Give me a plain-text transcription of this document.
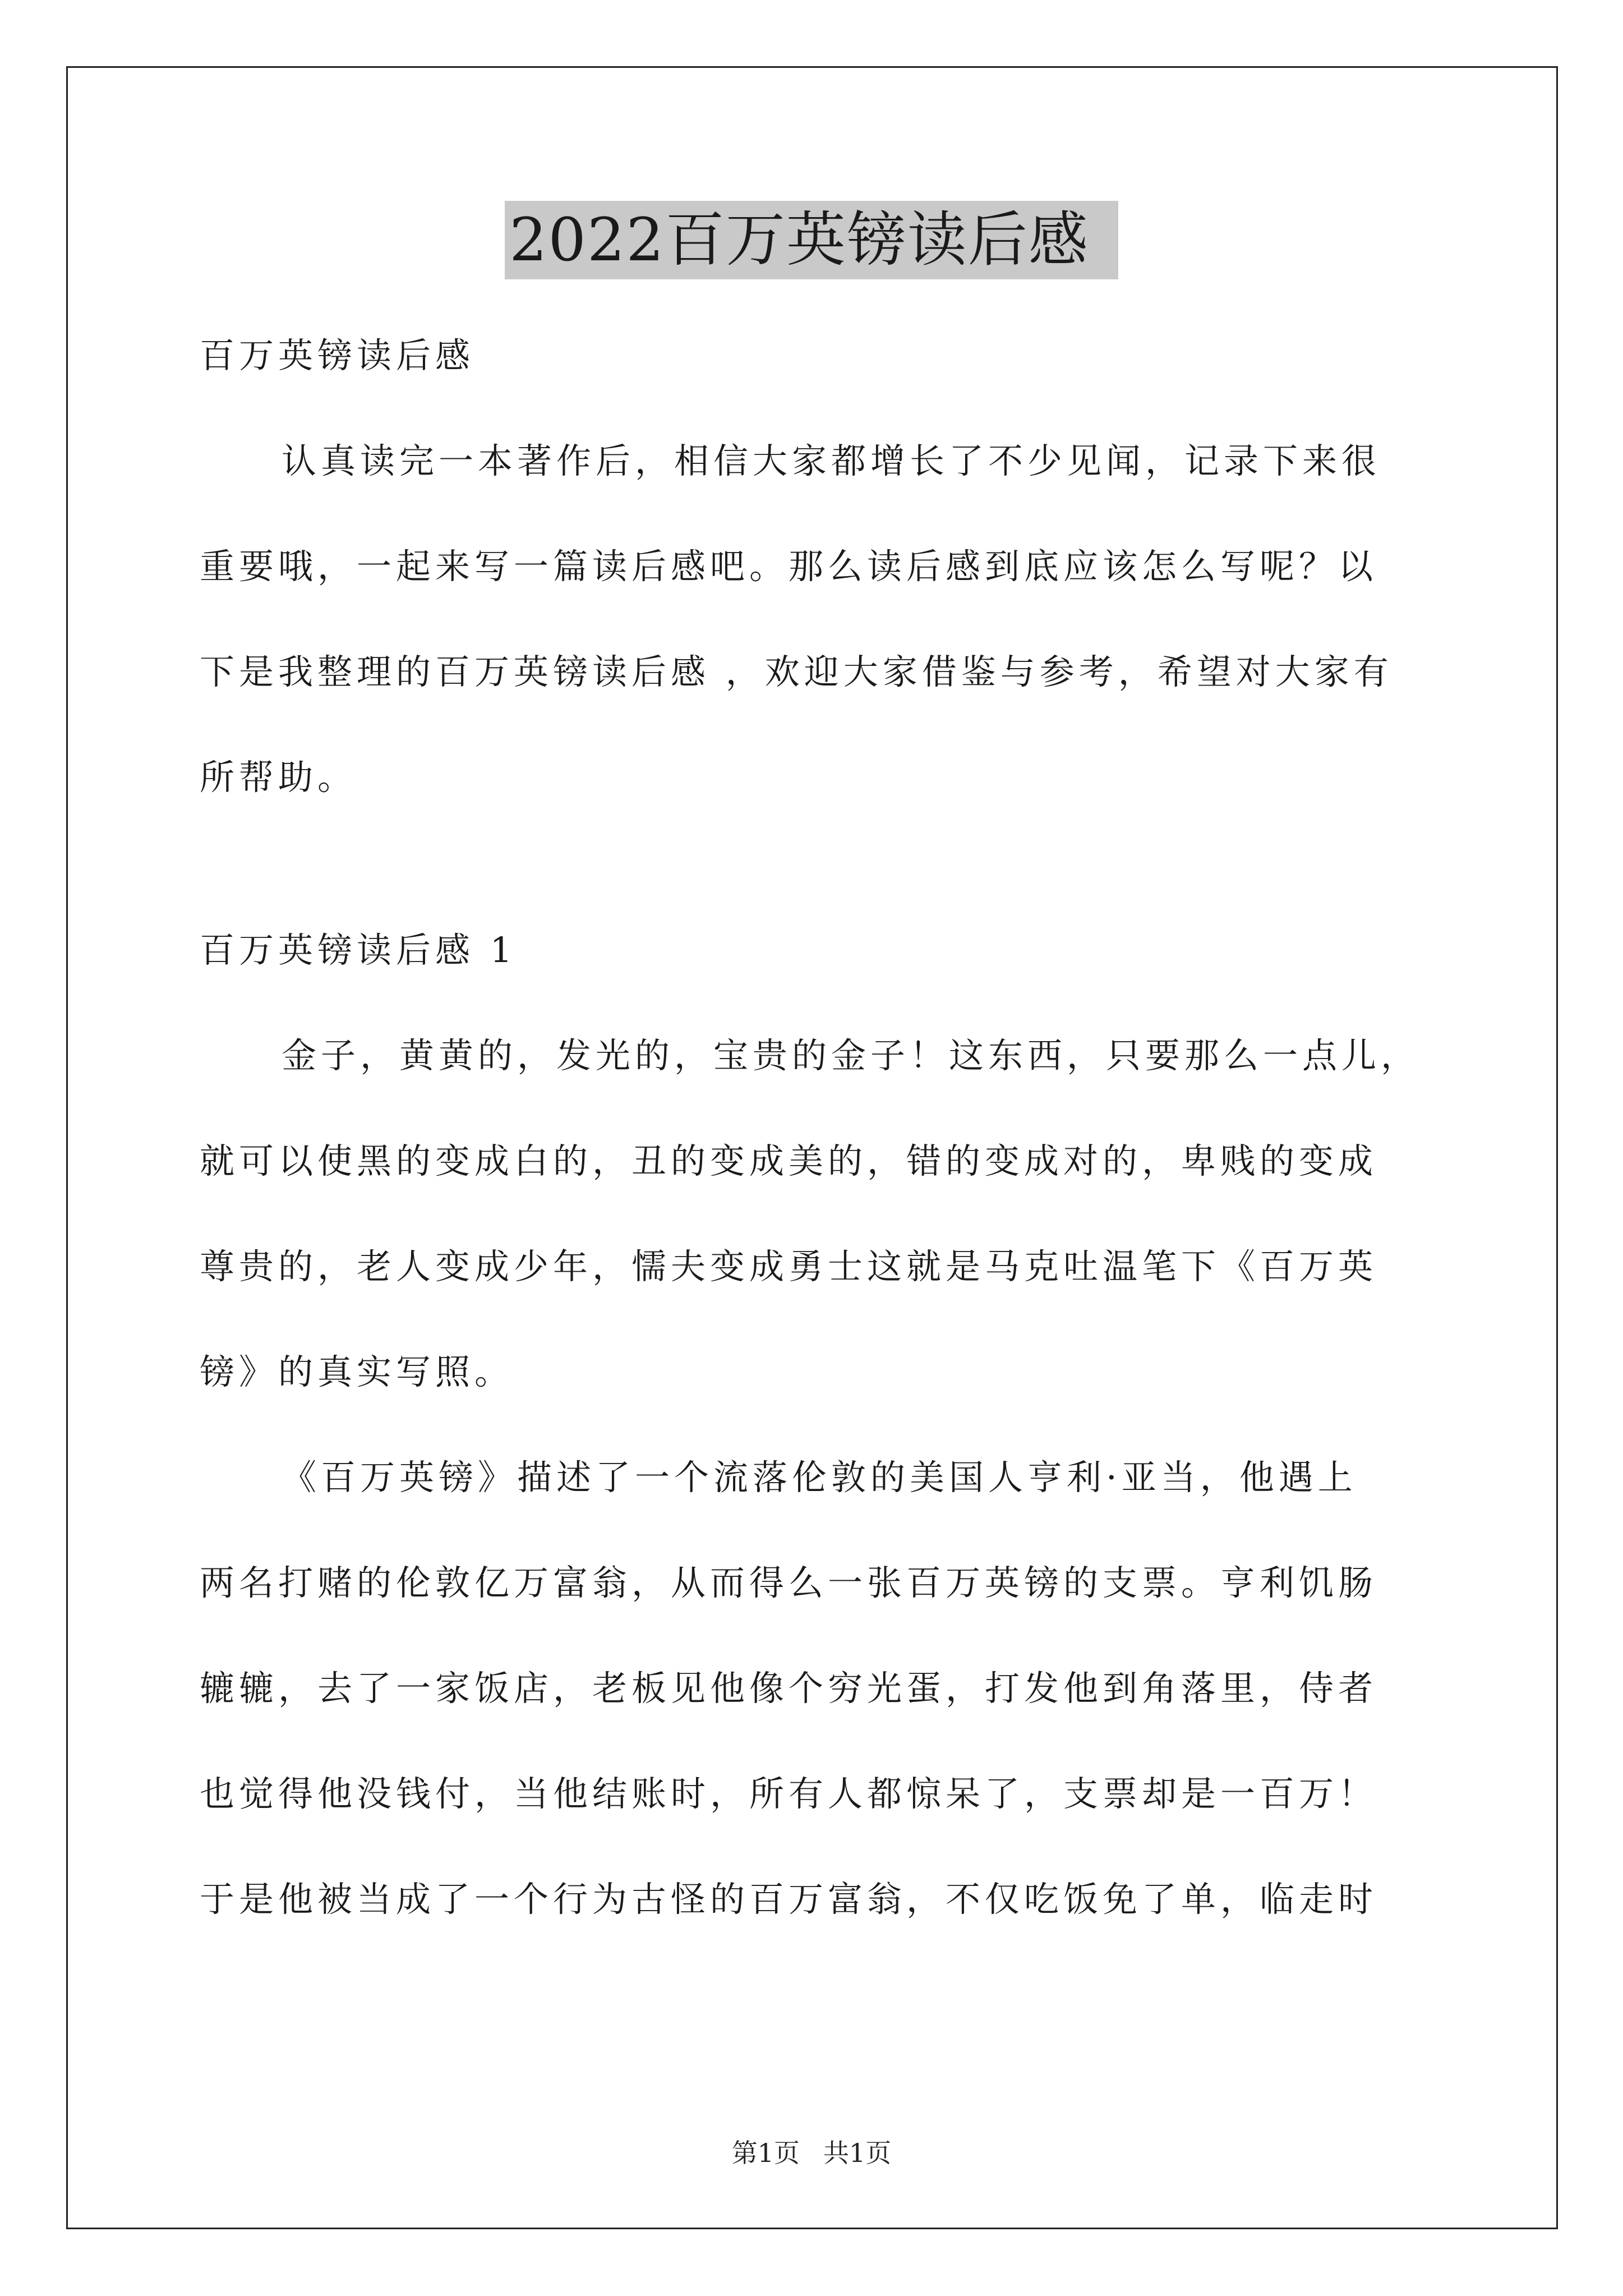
2022百万英镑读后感

百万英镑读后感

认真读完一本著作后，相信大家都增长了不少见闻，记录下来很

重要哦，一起来写一篇读后感吧。那么读后感到底应该怎么写呢？以

下是我整理的百万英镑读后感 ，欢迎大家借鉴与参考，希望对大家有

所帮助。

百万英镑读后感 1

金子，黄黄的，发光的，宝贵的金子！这东西，只要那么一点儿，

就可以使黑的变成白的，丑的变成美的，错的变成对的，卑贱的变成

尊贵的，老人变成少年，懦夫变成勇士这就是马克吐温笔下《百万英

镑》的真实写照。

《百万英镑》描述了一个流落伦敦的美国人亨利·亚当，他遇上

两名打赌的伦敦亿万富翁，从而得么一张百万英镑的支票。亨利饥肠

辘辘，去了一家饭店，老板见他像个穷光蛋，打发他到角落里，侍者

也觉得他没钱付，当他结账时，所有人都惊呆了，支票却是一百万！

于是他被当成了一个行为古怪的百万富翁，不仅吃饭免了单，临走时

第1页 共1页
